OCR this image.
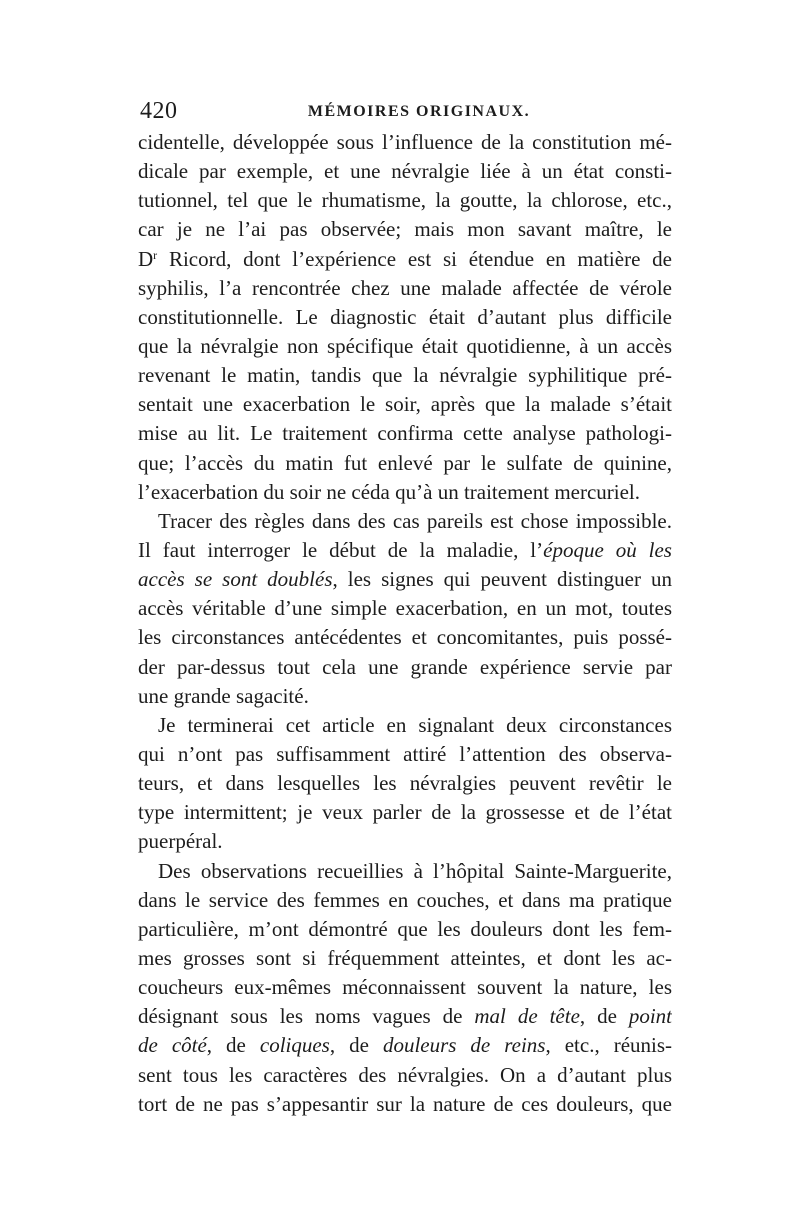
420	MÉMOIRES ORIGINAUX.
cidentelle, développée sous l’influence de la constitution mé-
dicale par exemple, et une névralgie liée à un état consti-
tutionnel, tel que le rhumatisme, la goutte, la chlorose, etc.,
car je ne l’ai pas observée; mais mon savant maître, le
$D^r$ Ricord, dont l’expérience est si étendue en matière de
syphilis, l’a rencontrée chez une malade affectée de vérole
constitutionnelle. Le diagnostic était d’autant plus difficile
que la névralgie non spécifique était quotidienne, à un accès
revenant le matin, tandis que la névralgie syphilitique pré-
sentait une exacerbation le soir, après que la malade s’était
mise au lit. Le traitement confirma cette analyse pathologi-
que; l’accès du matin fut enlevé par le sulfate de quinine,
l’exacerbation du soir ne céda qu’à un traitement mercuriel.
Tracer des règles dans des cas pareils est chose impossible.
Il faut interroger le début de la maladie, l’époque où les
accès se sont doublés, les signes qui peuvent distinguer un
accès véritable d’une simple exacerbation, en un mot, toutes
les circonstances antécédentes et concomitantes, puis possé-
der par-dessus tout cela une grande expérience servie par
une grande sagacité.
Je terminerai cet article en signalant deux circonstances
qui n’ont pas suffisamment attiré l’attention des observa-
teurs, et dans lesquelles les névralgies peuvent revêtir le
type intermittent; je veux parler de la grossesse et de l’état
puerpéral.
Des observations recueillies à l’hôpital Sainte-Marguerite,
dans le service des femmes en couches, et dans ma pratique
particulière, m’ont démontré que les douleurs dont les fem-
mes grosses sont si fréquemment atteintes, et dont les ac-
coucheurs eux-mêmes méconnaissent souvent la nature, les
désignant sous les noms vagues de mal de tête, de point
de côté, de coliques, de douleurs de reins, etc., réunis-
sent tous les caractères des névralgies. On a d’autant plus
tort de ne pas s’appesantir sur la nature de ces douleurs, que
